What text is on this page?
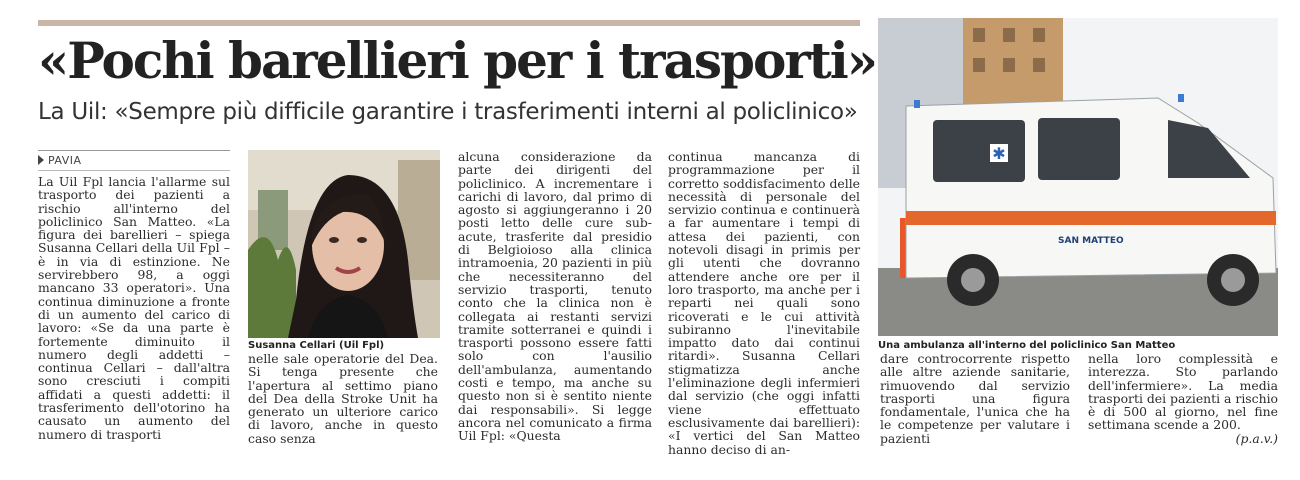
«Pochi barellieri per i trasporti»
La Uil: «Sempre più difficile garantire i trasferimenti interni al policlinico»
PAVIA

La Uil Fpl lancia l'allarme sul trasporto dei pazienti a rischio all'interno del policlinico San Matteo. «La figura dei barellieri – spiega Susanna Cellari della Uil Fpl – è in via di estinzione. Ne servirebbero 98, a oggi mancano 33 operatori». Una continua diminuzione a fronte di un aumento del carico di lavoro: «Se da una parte è fortemente diminuito il numero degli addetti – continua Cellari – dall'altra sono cresciuti i compiti affidati a questi addetti: il trasferimento dell'otorino ha causato un aumento del numero di trasporti

Susanna Cellari (Uil Fpl)

nelle sale operatorie del Dea. Si tenga presente che l'apertura al settimo piano del Dea della Stroke Unit ha generato un ulteriore carico di lavoro, anche in questo caso senza

alcuna considerazione da parte dei dirigenti del policlinico. A incrementare i carichi di lavoro, dal primo di agosto si aggiungeranno i 20 posti letto delle cure sub-acute, trasferite dal presidio di Belgioioso alla clinica intramoenia, 20 pazienti in più che necessiteranno del servizio trasporti, tenuto conto che la clinica non è collegata ai restanti servizi tramite sotterranei e quindi i trasporti possono essere fatti solo con l'ausilio dell'ambulanza, aumentando costi e tempo, ma anche su questo non si è sentito niente dai responsabili». Si legge ancora nel comunicato a firma Uil Fpl: «Questa

continua mancanza di programmazione per il corretto soddisfacimento delle necessità di personale del servizio continua e continuerà a far aumentare i tempi di attesa dei pazienti, con notevoli disagi in primis per gli utenti che dovranno attendere anche ore per il loro trasporto, ma anche per i reparti nei quali sono ricoverati e le cui attività subiranno l'inevitabile impatto dato dai continui ritardi». Susanna Cellari stigmatizza anche l'eliminazione degli infermieri dal servizio (che oggi infatti viene effettuato esclusivamente dai barellieri): «I vertici del San Matteo hanno deciso di an-

✱
SAN MATTEO
Una ambulanza all'interno del policlinico San Matteo

dare controcorrente rispetto alle altre aziende sanitarie, rimuovendo dal servizio trasporti una figura fondamentale, l'unica che ha le competenze per valutare i pazienti

nella loro complessità e interezza. Sto parlando dell'infermiere». La media trasporti dei pazienti a rischio è di 500 al giorno, nel fine settimana scende a 200.
(p.a.v.)
